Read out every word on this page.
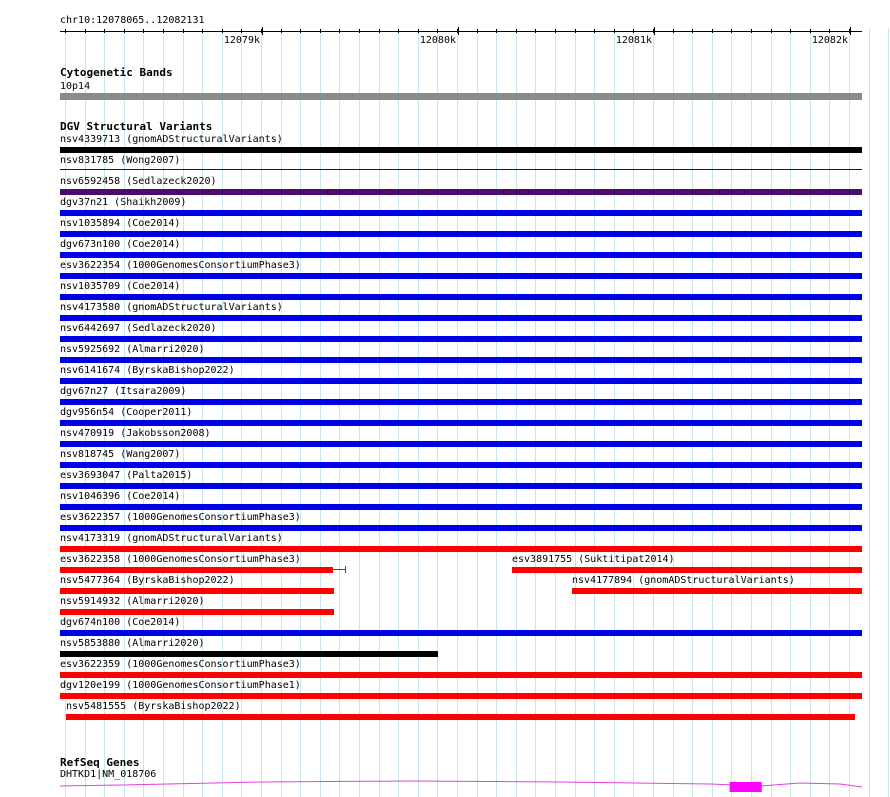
chr10:12078065..12082131
12079k	12080k	12081k	12082k
Cytogenetic Bands
10p14
DGV Structural Variants
nsv4339713 (gnomADStructuralVariants)
nsv831785 (Wong2007)
nsv6592458 (Sedlazeck2020)
dgv37n21 (Shaikh2009)
nsv1035894 (Coe2014)
dgv673n100 (Coe2014)
esv3622354 (1000GenomesConsortiumPhase3)
nsv1035709 (Coe2014)
nsv4173580 (gnomADStructuralVariants)
nsv6442697 (Sedlazeck2020)
nsv5925692 (Almarri2020)
nsv6141674 (ByrskaBishop2022)
dgv67n27 (Itsara2009)
dgv956n54 (Cooper2011)
nsv470919 (Jakobsson2008)
nsv818745 (Wang2007)
esv3693047 (Palta2015)
nsv1046396 (Coe2014)
esv3622357 (1000GenomesConsortiumPhase3)
nsv4173319 (gnomADStructuralVariants)
esv3622358 (1000GenomesConsortiumPhase3)	esv3891755 (Suktitipat2014)
nsv5477364 (ByrskaBishop2022)	nsv4177894 (gnomADStructuralVariants)
nsv5914932 (Almarri2020)
dgv674n100 (Coe2014)
nsv5853880 (Almarri2020)
esv3622359 (1000GenomesConsortiumPhase3)
dgv120e199 (1000GenomesConsortiumPhase1)
nsv5481555 (ByrskaBishop2022)
RefSeq Genes
DHTKD1|NM_018706
